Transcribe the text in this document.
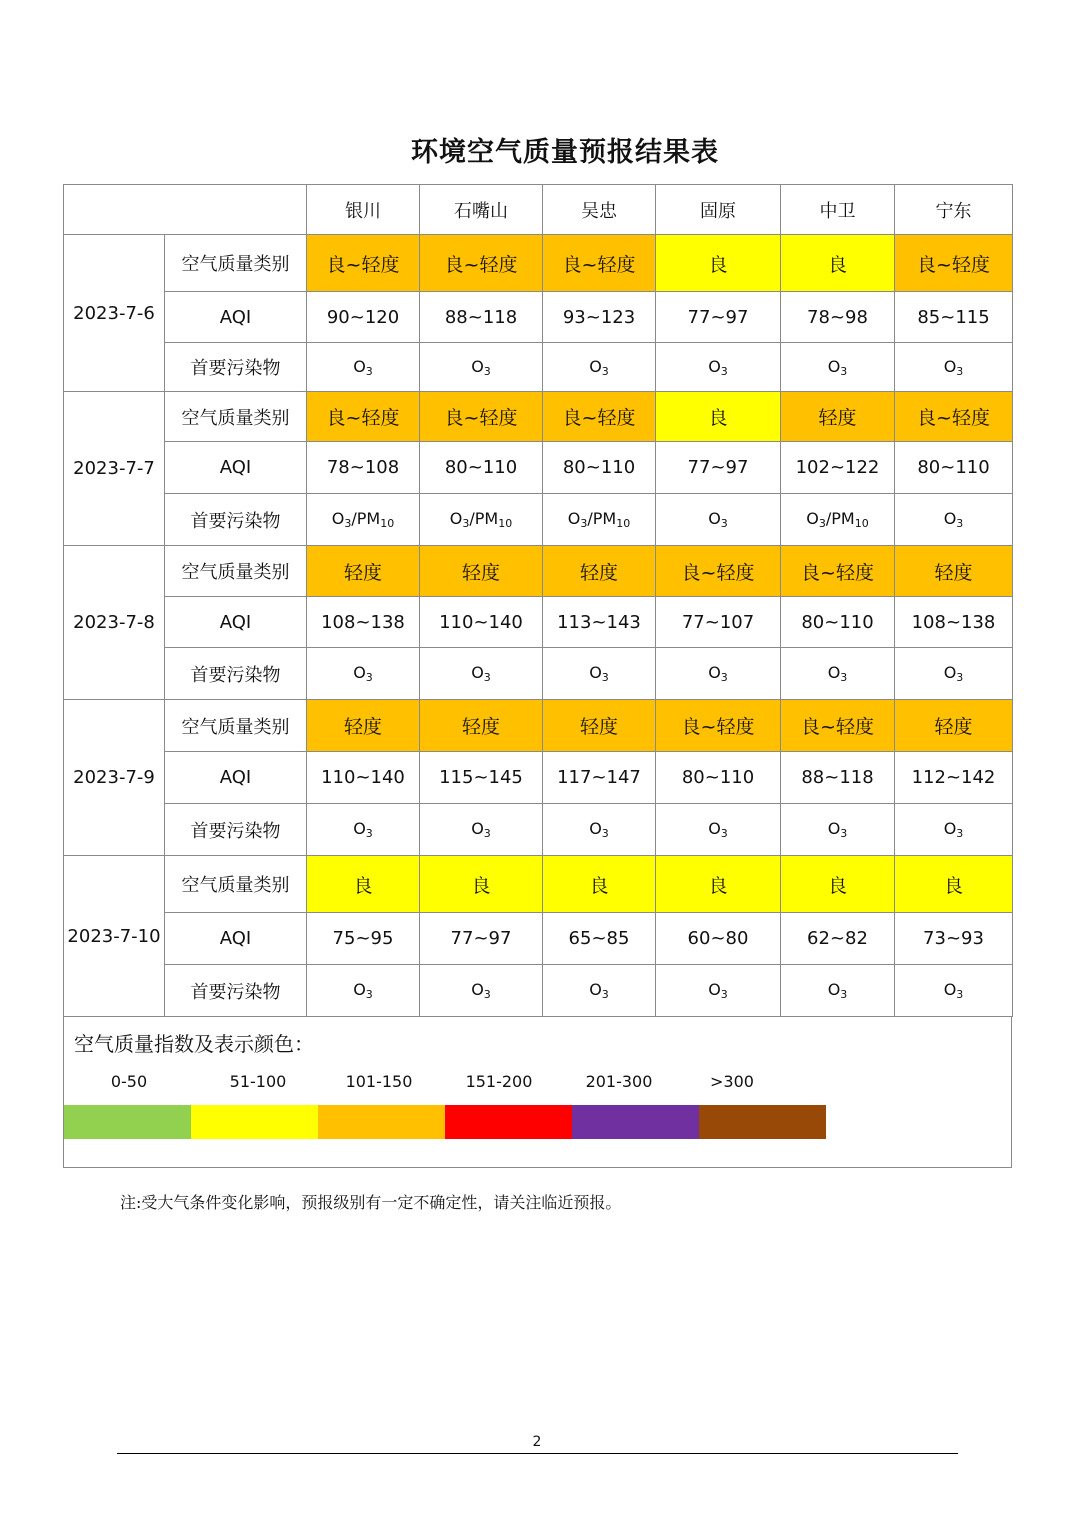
环境空气质量预报结果表
		银川	石嘴山	吴忠	固原	中卫	宁东
2023-7-6	空气质量类别	良~轻度	良~轻度	良~轻度	良	良	良~轻度
	AQI	90~120	88~118	93~123	77~97	78~98	85~115
	首要污染物	$O_3$	$O_3$	$O_3$	$O_3$	$O_3$	$O_3$
2023-7-7	空气质量类别	良~轻度	良~轻度	良~轻度	良	轻度	良~轻度
	AQI	78~108	80~110	80~110	77~97	102~122	80~110
	首要污染物	$O_3/PM_{10}$	$O_3/PM_{10}$	$O_3/PM_{10}$	$O_3$	$O_3/PM_{10}$	$O_3$
2023-7-8	空气质量类别	轻度	轻度	轻度	良~轻度	良~轻度	轻度
	AQI	108~138	110~140	113~143	77~107	80~110	108~138
	首要污染物	$O_3$	$O_3$	$O_3$	$O_3$	$O_3$	$O_3$
2023-7-9	空气质量类别	轻度	轻度	轻度	良~轻度	良~轻度	轻度
	AQI	110~140	115~145	117~147	80~110	88~118	112~142
	首要污染物	$O_3$	$O_3$	$O_3$	$O_3$	$O_3$	$O_3$
2023-7-10	空气质量类别	良	良	良	良	良	良
	AQI	75~95	77~97	65~85	60~80	62~82	73~93
	首要污染物	$O_3$	$O_3$	$O_3$	$O_3$	$O_3$	$O_3$
空气质量指数及表示颜色：
0-50	51-100	101-150	151-200	201-300	>300
注:受大气条件变化影响，预报级别有一定不确定性，请关注临近预报。
2
